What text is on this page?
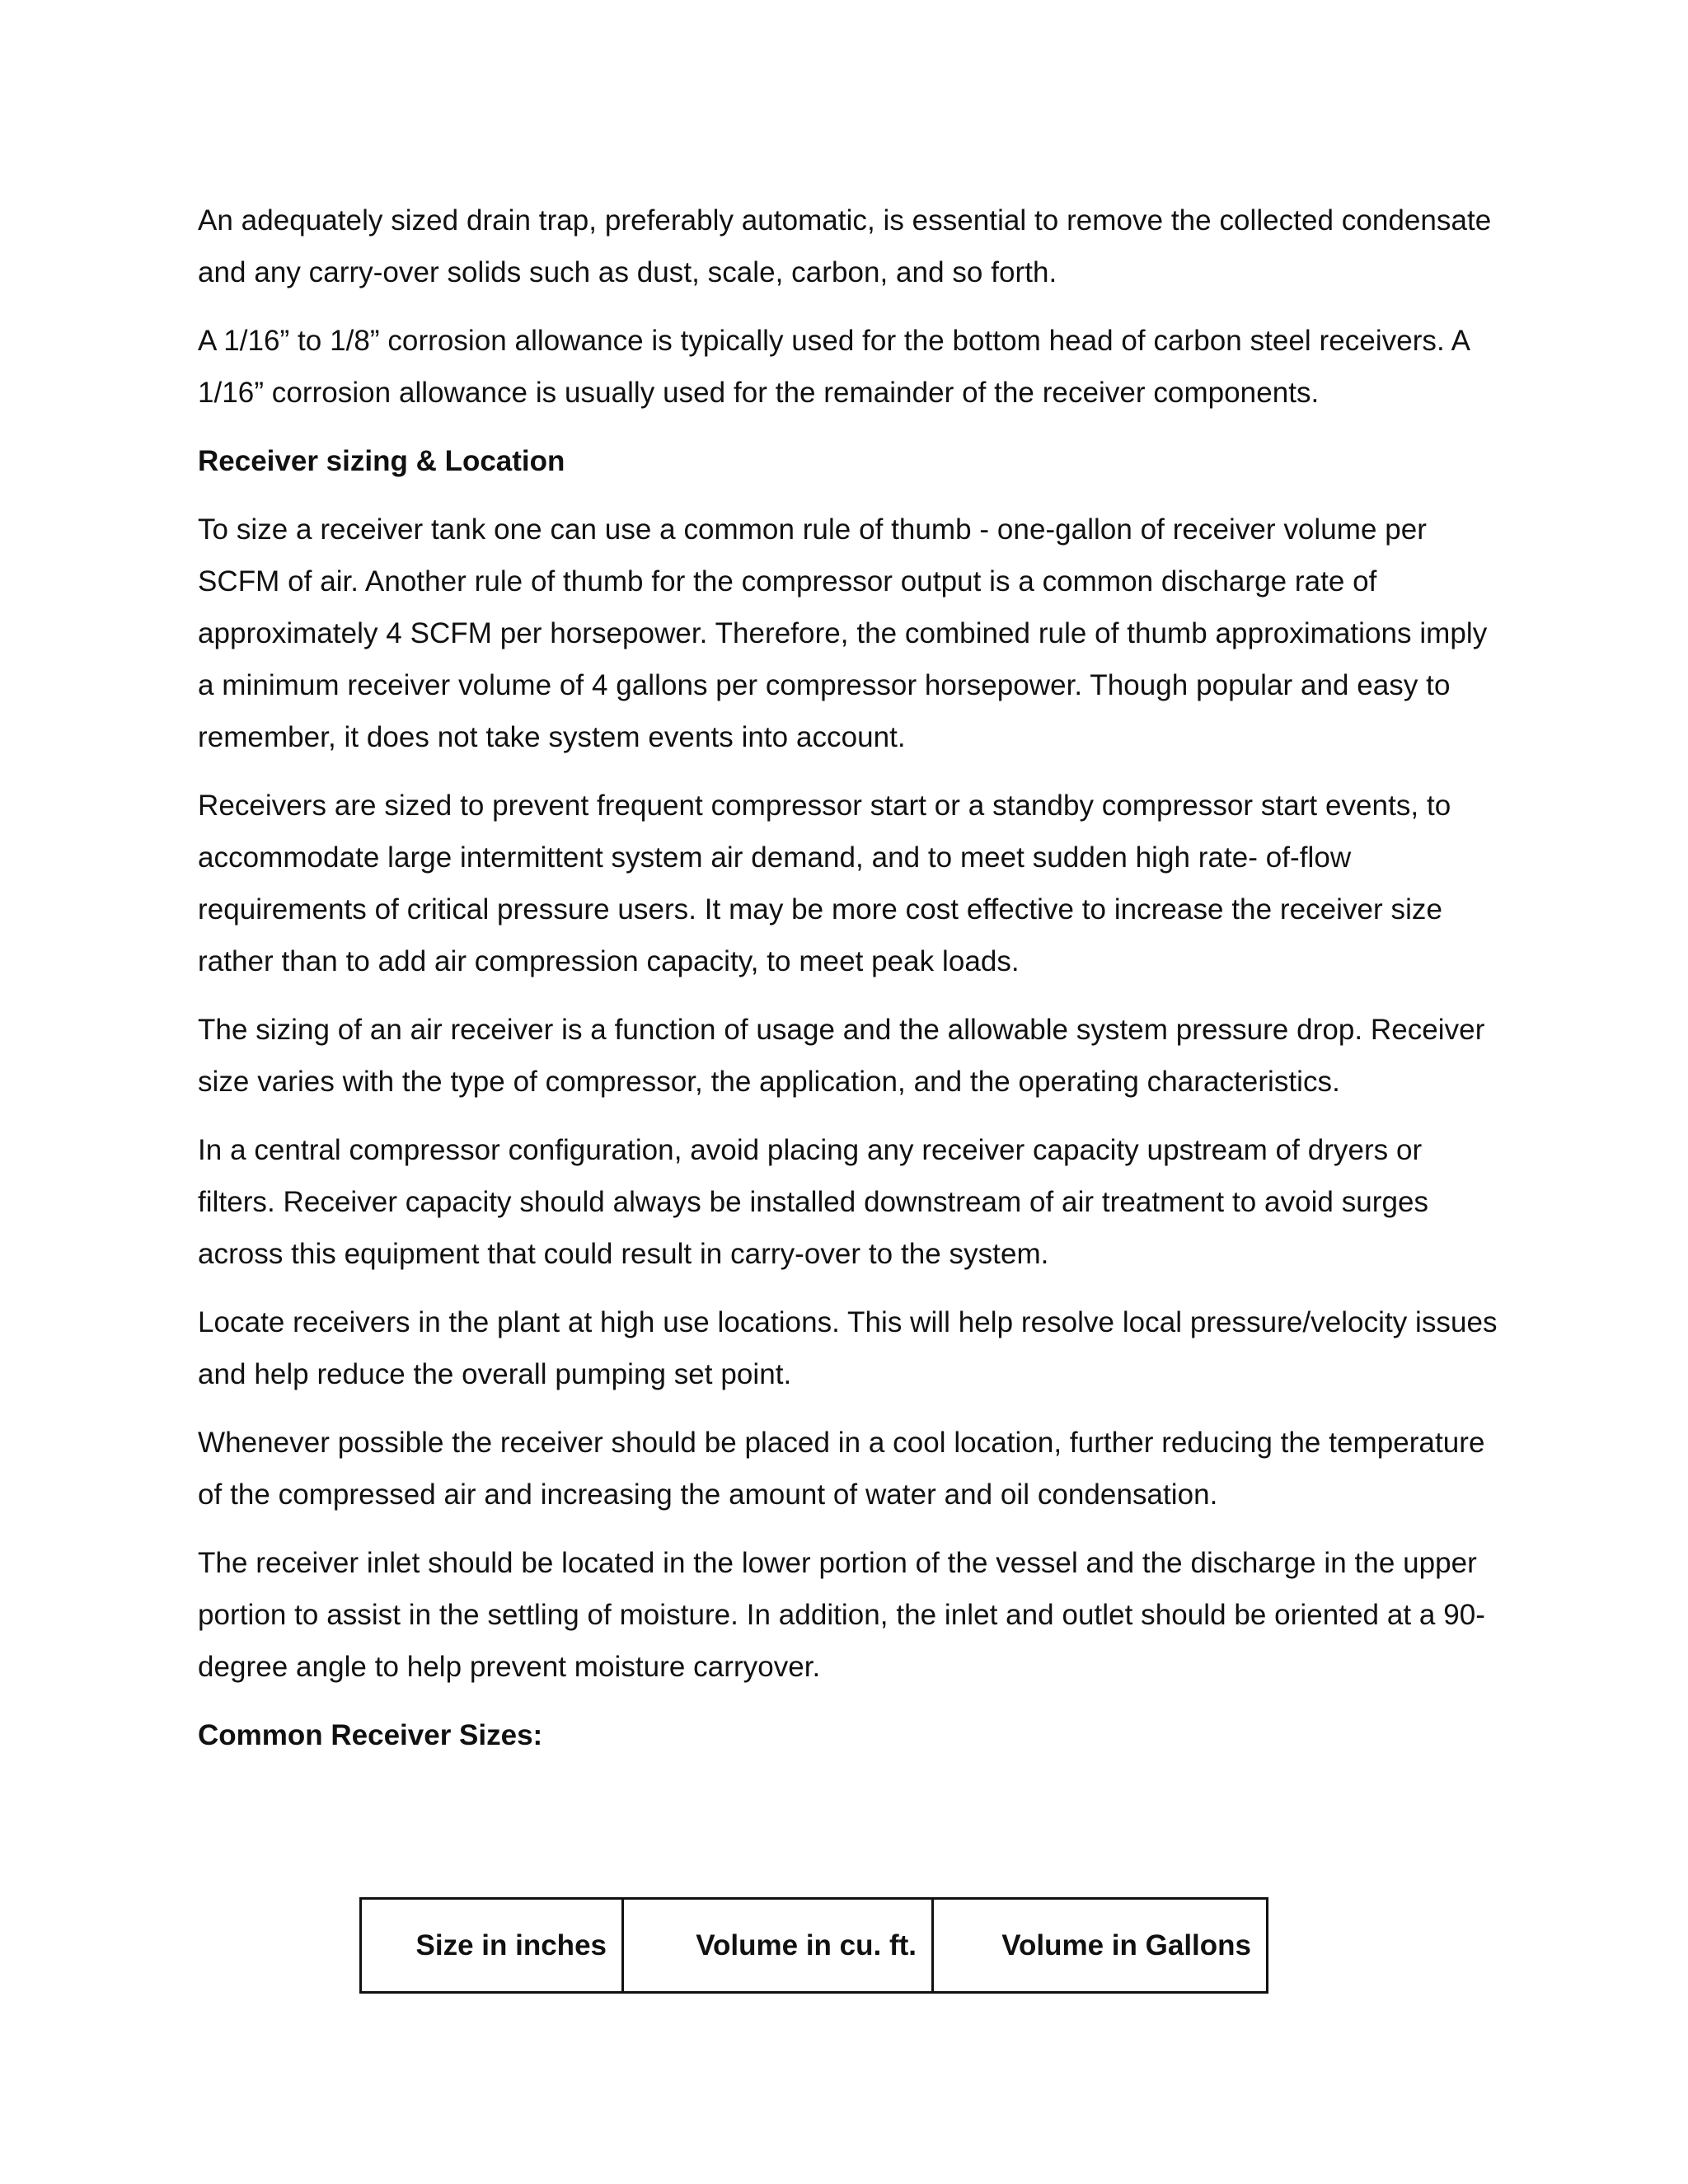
An adequately sized drain trap, preferably automatic, is essential to remove the collected condensate and any carry-over solids such as dust, scale, carbon, and so forth.

A 1/16” to 1/8” corrosion allowance is typically used for the bottom head of carbon steel receivers. A 1/16” corrosion allowance is usually used for the remainder of the receiver components.

Receiver sizing & Location

To size a receiver tank one can use a common rule of thumb - one-gallon of receiver volume per SCFM of air. Another rule of thumb for the compressor output is a common discharge rate of approximately 4 SCFM per horsepower. Therefore, the combined rule of thumb approximations imply a minimum receiver volume of 4 gallons per compressor horsepower. Though popular and easy to remember, it does not take system events into account.

Receivers are sized to prevent frequent compressor start or a standby compressor start events, to accommodate large intermittent system air demand, and to meet sudden high rate- of-flow requirements of critical pressure users. It may be more cost effective to increase the receiver size rather than to add air compression capacity, to meet peak loads.

The sizing of an air receiver is a function of usage and the allowable system pressure drop. Receiver size varies with the type of compressor, the application, and the operating characteristics.

In a central compressor configuration, avoid placing any receiver capacity upstream of dryers or filters. Receiver capacity should always be installed downstream of air treatment to avoid surges across this equipment that could result in carry-over to the system.

Locate receivers in the plant at high use locations. This will help resolve local pressure/velocity issues and help reduce the overall pumping set point.

Whenever possible the receiver should be placed in a cool location, further reducing the temperature of the compressed air and increasing the amount of water and oil condensation.

The receiver inlet should be located in the lower portion of the vessel and the discharge in the upper portion to assist in the settling of moisture. In addition, the inlet and outlet should be oriented at a 90-degree angle to help prevent moisture carryover.

Common Receiver Sizes:

Size in inches	Volume in cu. ft.	Volume in Gallons
